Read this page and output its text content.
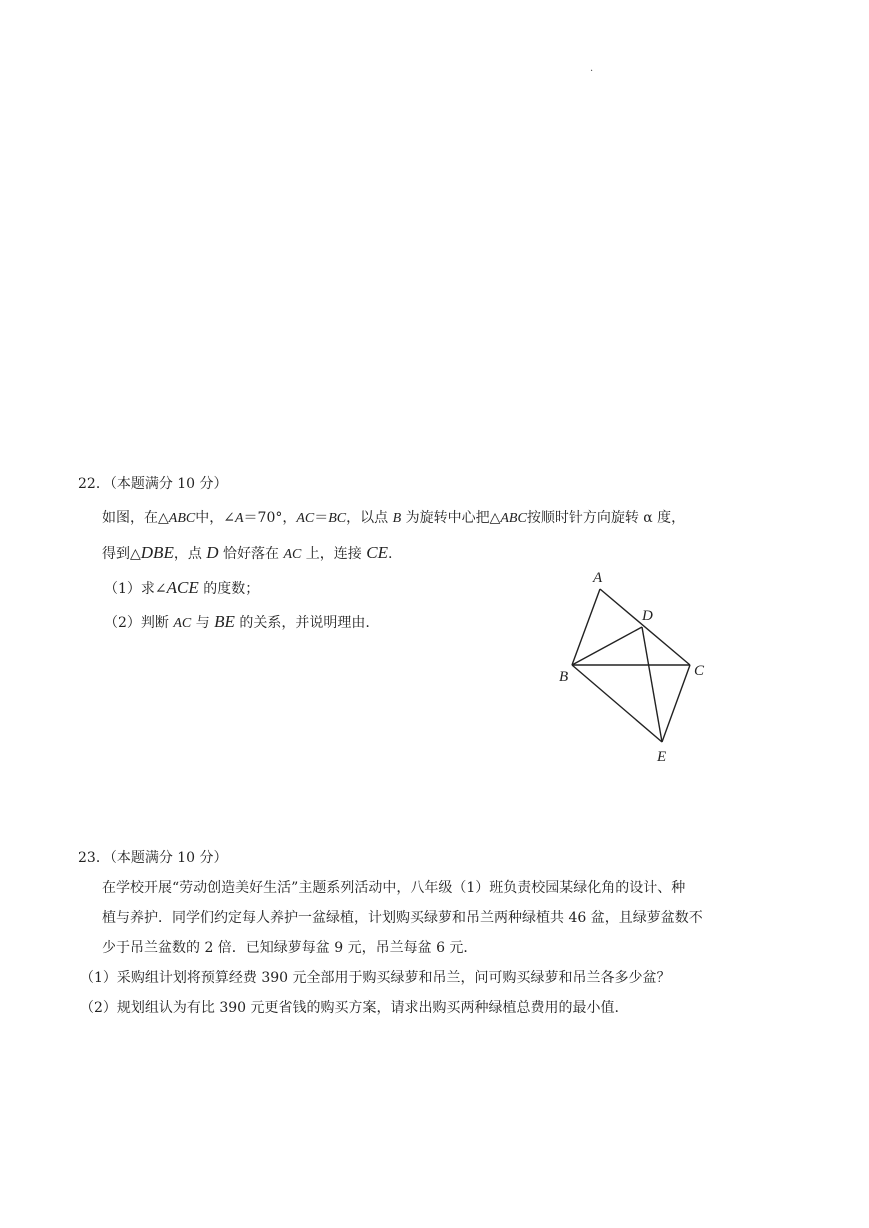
·
22．（本题满分 10 分）
如图，在△ABC中，∠A＝70°，AC＝BC，以点 B 为旋转中心把△ABC按顺时针方向旋转 α 度，
得到△DBE，点 D 恰好落在 AC 上，连接 CE.
（1）求∠ACE 的度数；
（2）判断 AC 与 BE 的关系，并说明理由.
A
B	C
D
E
23．（本题满分 10 分）
在学校开展“劳动创造美好生活”主题系列活动中，八年级（1）班负责校园某绿化角的设计、种
植与养护．同学们约定每人养护一盆绿植，计划购买绿萝和吊兰两种绿植共 46 盆，且绿萝盆数不
少于吊兰盆数的 2 倍．已知绿萝每盆 9 元，吊兰每盆 6 元．
（1）采购组计划将预算经费 390 元全部用于购买绿萝和吊兰，问可购买绿萝和吊兰各多少盆？
（2）规划组认为有比 390 元更省钱的购买方案，请求出购买两种绿植总费用的最小值.
